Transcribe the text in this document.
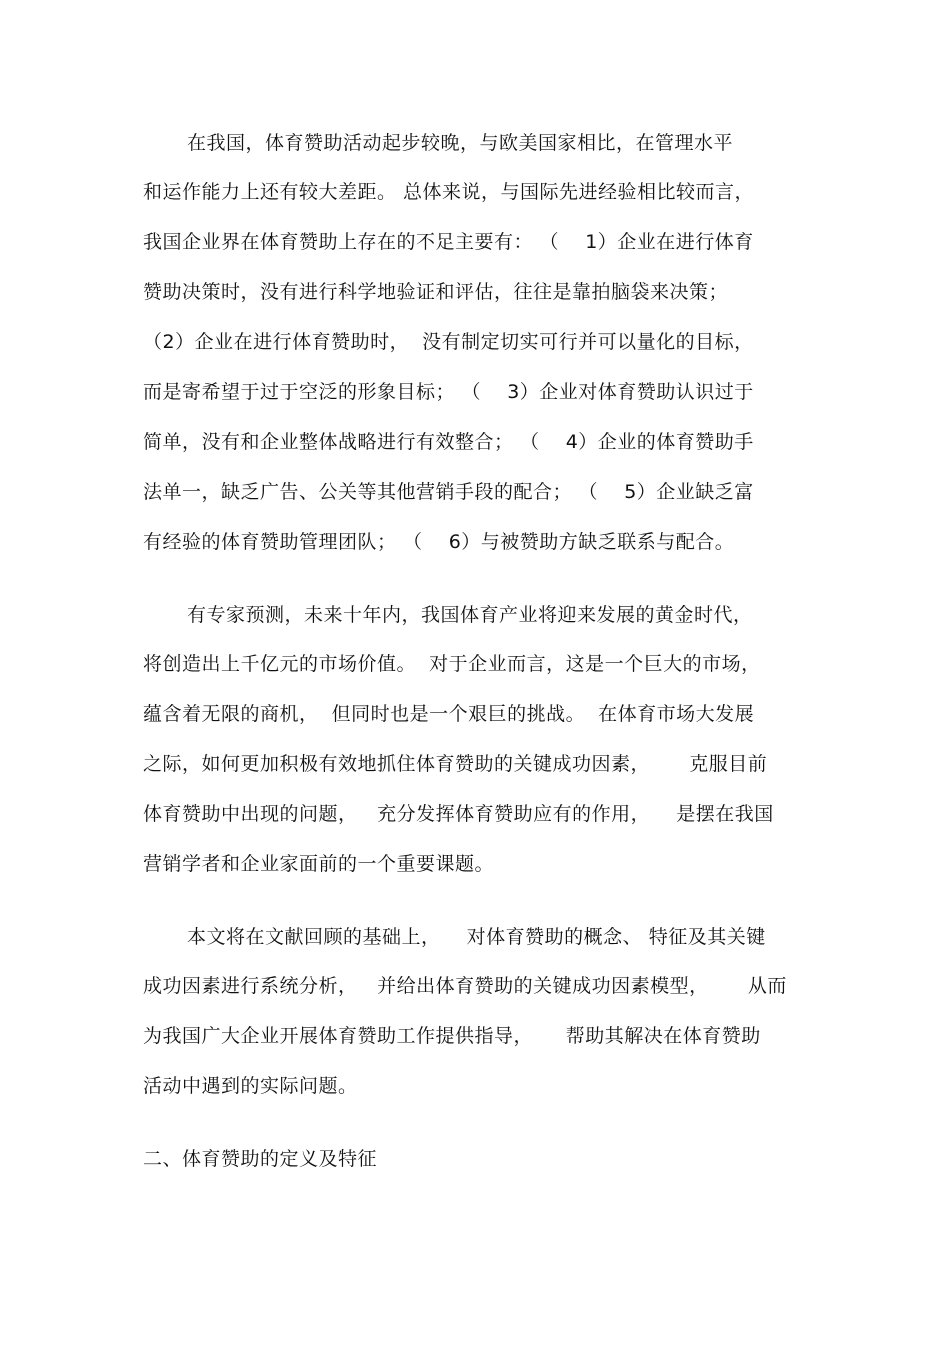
在我国，体育赞助活动起步较晚，与欧美国家相比，在管理水平
和运作能力上还有较大差距。 总体来说，与国际先进经验相比较而言，
我国企业界在体育赞助上存在的不足主要有： （    1）企业在进行体育
赞助决策时，没有进行科学地验证和评估，往往是靠拍脑袋来决策；
（2）企业在进行体育赞助时，  没有制定切实可行并可以量化的目标，
而是寄希望于过于空泛的形象目标； （    3）企业对体育赞助认识过于
简单，没有和企业整体战略进行有效整合； （    4）企业的体育赞助手
法单一，缺乏广告、公关等其他营销手段的配合； （    5）企业缺乏富
有经验的体育赞助管理团队； （    6）与被赞助方缺乏联系与配合。
有专家预测，未来十年内，我国体育产业将迎来发展的黄金时代，
将创造出上千亿元的市场价值。  对于企业而言，这是一个巨大的市场，
蕴含着无限的商机，  但同时也是一个艰巨的挑战。  在体育市场大发展
之际，如何更加积极有效地抓住体育赞助的关键成功因素，      克服目前
体育赞助中出现的问题，   充分发挥体育赞助应有的作用，    是摆在我国
营销学者和企业家面前的一个重要课题。
本文将在文献回顾的基础上，    对体育赞助的概念、 特征及其关键
成功因素进行系统分析，   并给出体育赞助的关键成功因素模型，      从而
为我国广大企业开展体育赞助工作提供指导，     帮助其解决在体育赞助
活动中遇到的实际问题。
二、体育赞助的定义及特征
